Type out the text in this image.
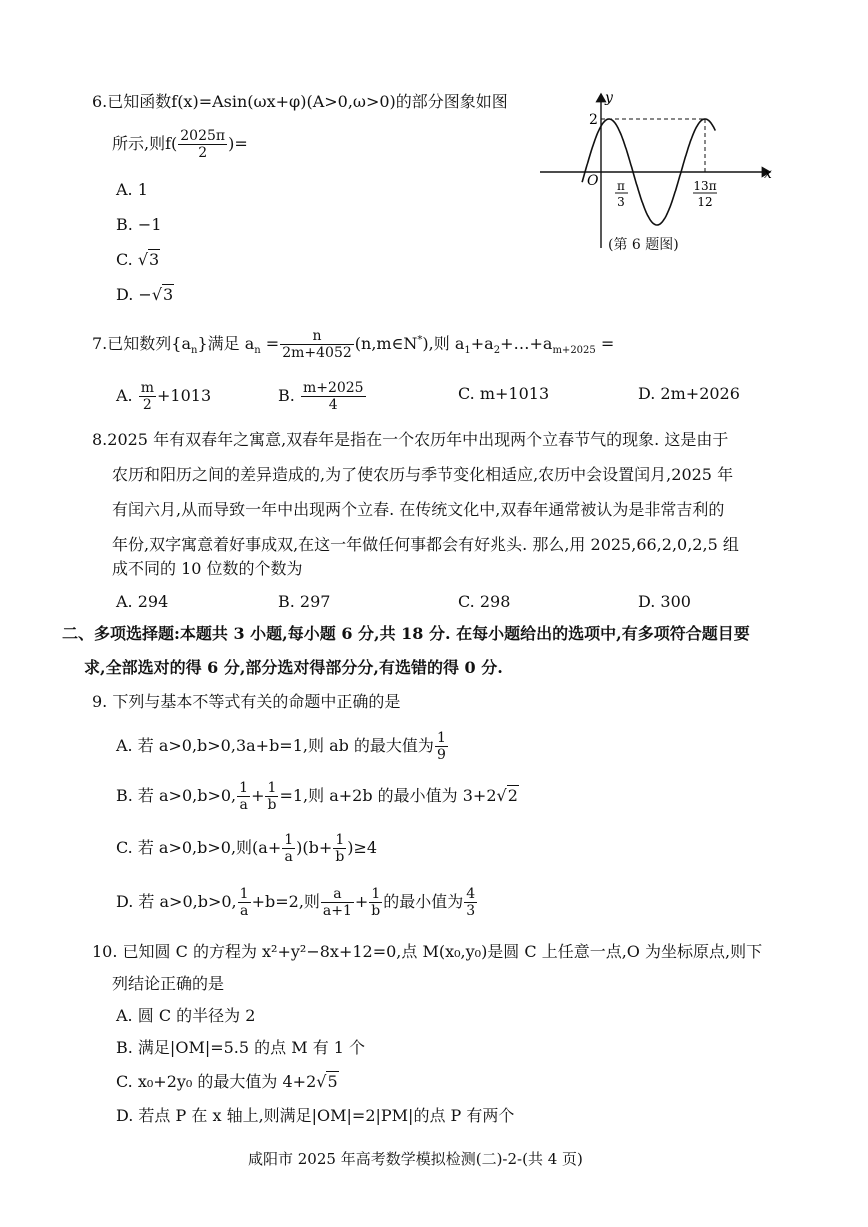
6.已知函数f(x)=Asin(ωx+φ)(A>0,ω>0)的部分图象如图
所示,则$f( \frac{2025\pi}{2}$ )=
A. 1
B. −1
C. √3
D. −√3
y
x
O
2
π
3
13π
12
(第 6 题图)
7.已知数列$\{a_n\}$满足 $a_n = \frac{n}{2m+4052}$ (n,m∈N*),则 $a_1+a_2+\dots+a_{m+2025}$ =
A. $\frac{m}{2} +1013$	B. $\frac{m+2025}{4}$	C. m+1013	D. 2m+2026
8.2025 年有双春年之寓意,双春年是指在一个农历年中出现两个立春节气的现象. 这是由于
农历和阳历之间的差异造成的,为了使农历与季节变化相适应,农历中会设置闰月,2025 年
有闰六月,从而导致一年中出现两个立春. 在传统文化中,双春年通常被认为是非常吉利的
年份,双字寓意着好事成双,在这一年做任何事都会有好兆头. 那么,用 2025,66,2,0,2,5 组
成不同的 10 位数的个数为
A. 294	B. 297	C. 298	D. 300
二、多项选择题:本题共 3 小题,每小题 6 分,共 18 分. 在每小题给出的选项中,有多项符合题目要
求,全部选对的得 6 分,部分选对得部分分,有选错的得 0 分.
9. 下列与基本不等式有关的命题中正确的是
A. 若 a>0,b>0,3a+b=1,则 ab 的最大值为 $\frac{1}{9}$
B. 若 a>0,b>0, $\frac{1}{a} + \frac{1}{b} =1$,则 a+2b 的最小值为 3+2√2
C. 若 a>0,b>0,则$(a+ \frac{1}{a} )(b+ \frac{1}{b} )\ge 4$
D. 若 a>0,b>0, $\frac{1}{a} +b=2$,则 $\frac{a}{a+1} + \frac{1}{b}$ 的最小值为 $\frac{4}{3}$
10. 已知圆 C 的方程为 x²+y²−8x+12=0,点 M(x₀,y₀)是圆 C 上任意一点,O 为坐标原点,则下
列结论正确的是
A. 圆 C 的半径为 2
B. 满足|OM|=5.5 的点 M 有 1 个
C. x₀+2y₀ 的最大值为 4+2√5
D. 若点 P 在 x 轴上,则满足|OM|=2|PM|的点 P 有两个
咸阳市 2025 年高考数学模拟检测(二)-2-(共 4 页)
